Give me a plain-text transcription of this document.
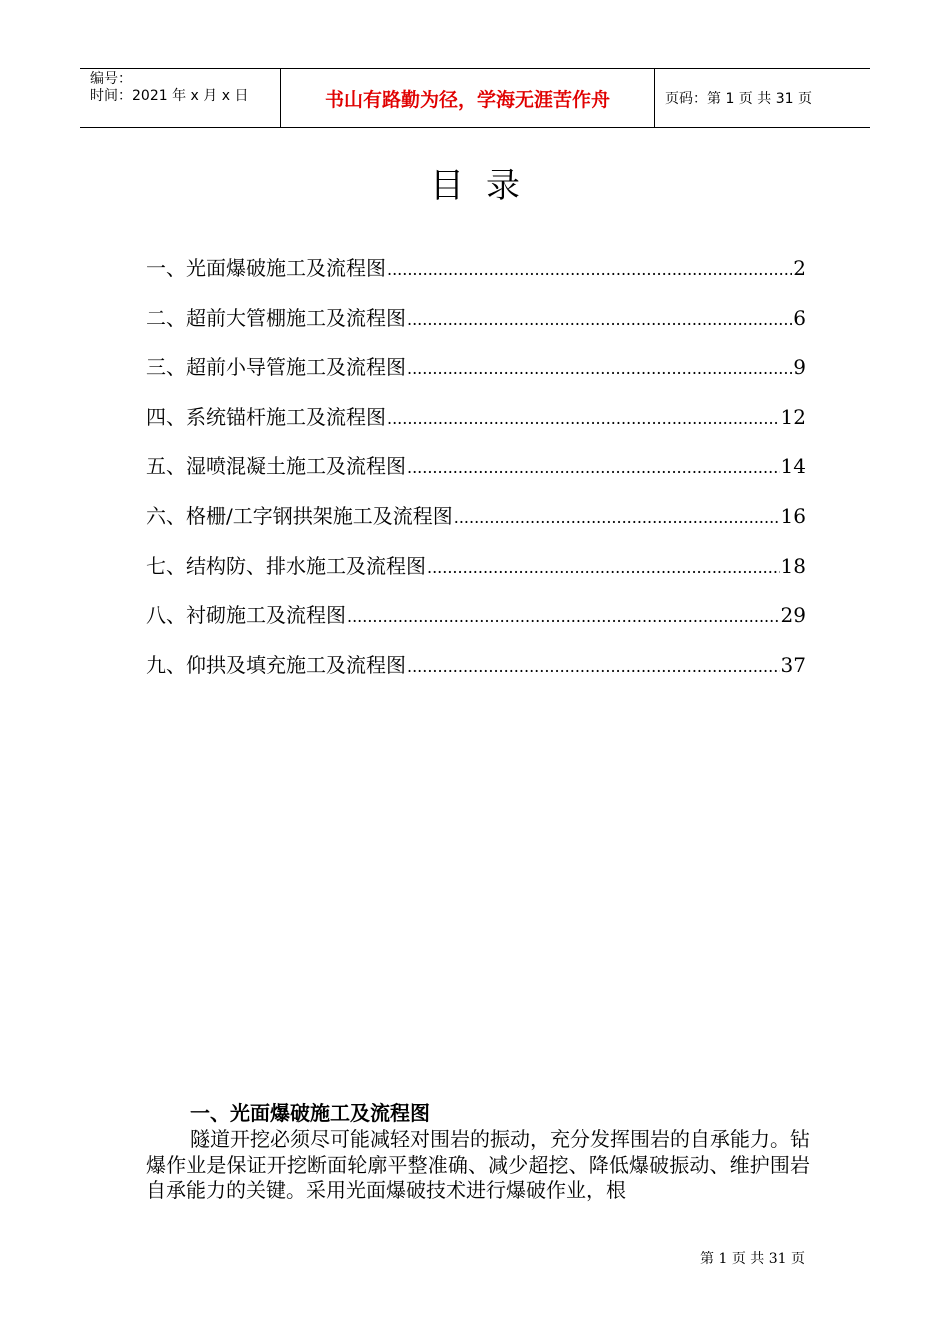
编号：
时间：2021 年 x 月 x 日	书山有路勤为径，学海无涯苦作舟	页码：第 1 页 共 31 页
目录
一、光面爆破施工及流程图 .....	2
二、超前大管棚施工及流程图 .....	6
三、超前小导管施工及流程图 .....	9
四、系统锚杆施工及流程图 .....	12
五、湿喷混凝土施工及流程图 .....	14
六、格栅/工字钢拱架施工及流程图 .....	16
七、结构防、排水施工及流程图 .....	18
八、衬砌施工及流程图 .....	29
九、仰拱及填充施工及流程图 .....	37
一、光面爆破施工及流程图

隧道开挖必须尽可能减轻对围岩的振动，充分发挥围岩的自承能力。钻爆作业是保证开挖断面轮廓平整准确、减少超挖、降低爆破振动、维护围岩自承能力的关键。采用光面爆破技术进行爆破作业，根

第 1 页 共 31 页
